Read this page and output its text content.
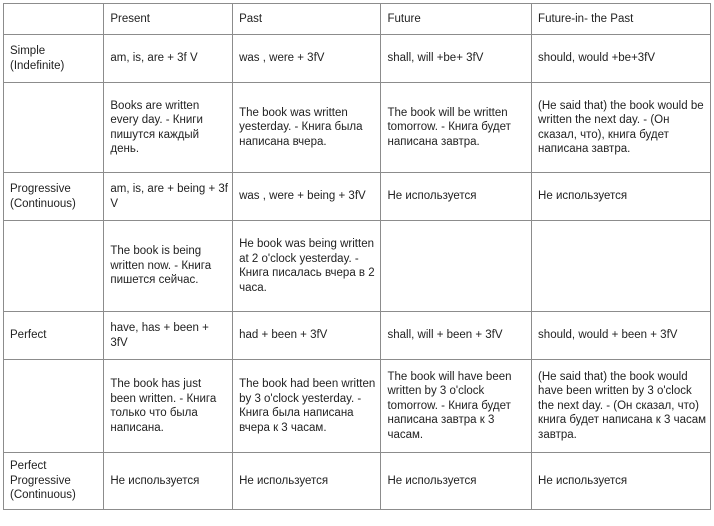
	Present	Past	Future	Future-in- the Past
Simple (Indefinite)	am, is, are + 3f V	was , were + 3fV	shall, will +be+ 3fV	should, would +be+3fV
	Books are written every day. - Книги пишутся каждый день.	The book was written yesterday. - Книга была написана вчера.	The book will be written tomorrow. - Книга будет написана завтра.	(He said that) the book would be written the next day. - (Он сказал, что), книга будет написана завтра.
Progressive (Continuous)	am, is, are + being + 3f V	was , were + being + 3fV	Не используется	Не используется
	The book is being written now. - Книга пишется сейчас.	He book was being written at 2 o'clock yesterday. - Книга писалась вчера в 2 часа.		
Perfect	have, has + been + 3fV	had + been + 3fV	shall, will + been + 3fV	should, would + been + 3fV
	The book has just been written. - Книга только что была написана.	The book had been written by 3 o'clock yesterday. - Книга была написана вчера к 3 часам.	The book will have been written by 3 o'clock tomorrow. - Книга будет написана завтра к 3 часам.	(He said that) the book would have been written by 3 o'clock the next day. - (Он сказал, что) книга будет написана к 3 часам завтра.
Perfect Progressive (Continuous)	Не используется	Не используется	Не используется	Не используется
